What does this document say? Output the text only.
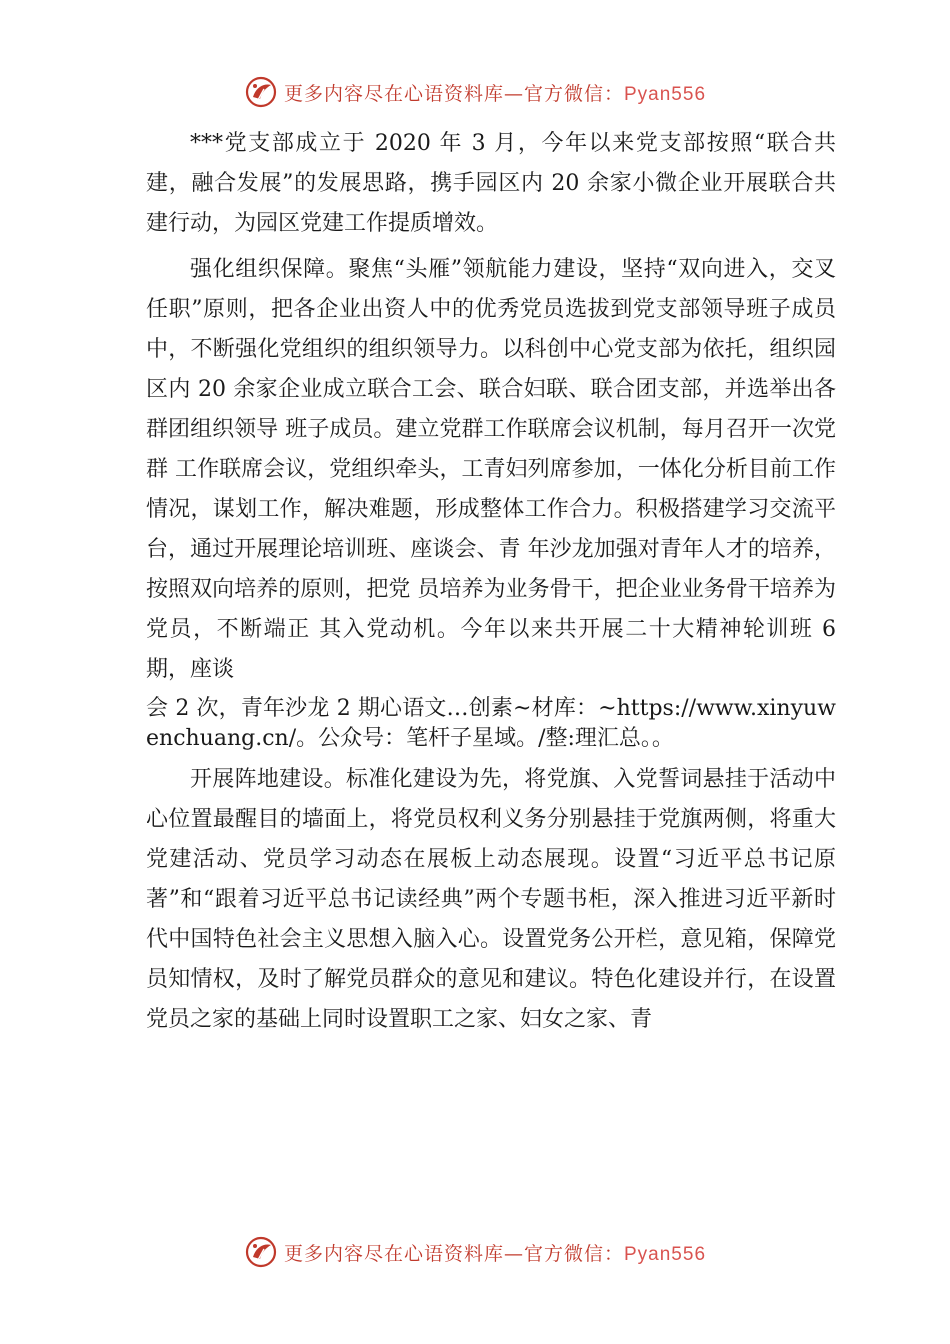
更多内容尽在心语资料库—官方微信：Pyan556

***党支部成立于 2020 年 3 月，今年以来党支部按照“联合共建，融合发展”的发展思路，携手园区内 20 余家小微企业开展联合共建行动，为园区党建工作提质增效。

强化组织保障。聚焦“头雁”领航能力建设，坚持“双向进入，交叉任职”原则，把各企业出资人中的优秀党员选拔到党支部领导班子成员中，不断强化党组织的组织领导力。以科创中心党支部为依托，组织园区内 20 余家企业成立联合工会、联合妇联、联合团支部，并选举出各群团组织领导 班子成员。建立党群工作联席会议机制，每月召开一次党群 工作联席会议，党组织牵头，工青妇列席参加，一体化分析目前工作情况，谋划工作，解决难题，形成整体工作合力。积极搭建学习交流平台，通过开展理论培训班、座谈会、青 年沙龙加强对青年人才的培养，按照双向培养的原则，把党 员培养为业务骨干，把企业业务骨干培养为党员，不断端正 其入党动机。今年以来共开展二十大精神轮训班 6 期，座谈

会 2 次，青年沙龙 2 期心语文…创素~材库：~https://www.xinyuwenchuang.cn/。公众号：笔杆子星域。/整:理汇总。。

开展阵地建设。标准化建设为先，将党旗、入党誓词悬挂于活动中心位置最醒目的墙面上，将党员权利义务分别悬挂于党旗两侧，将重大党建活动、党员学习动态在展板上动态展现。设置“习近平总书记原著”和“跟着习近平总书记读经典”两个专题书柜，深入推进习近平新时代中国特色社会主义思想入脑入心。设置党务公开栏，意见箱，保障党员知情权，及时了解党员群众的意见和建议。特色化建设并行，在设置党员之家的基础上同时设置职工之家、妇女之家、青

更多内容尽在心语资料库—官方微信：Pyan556
